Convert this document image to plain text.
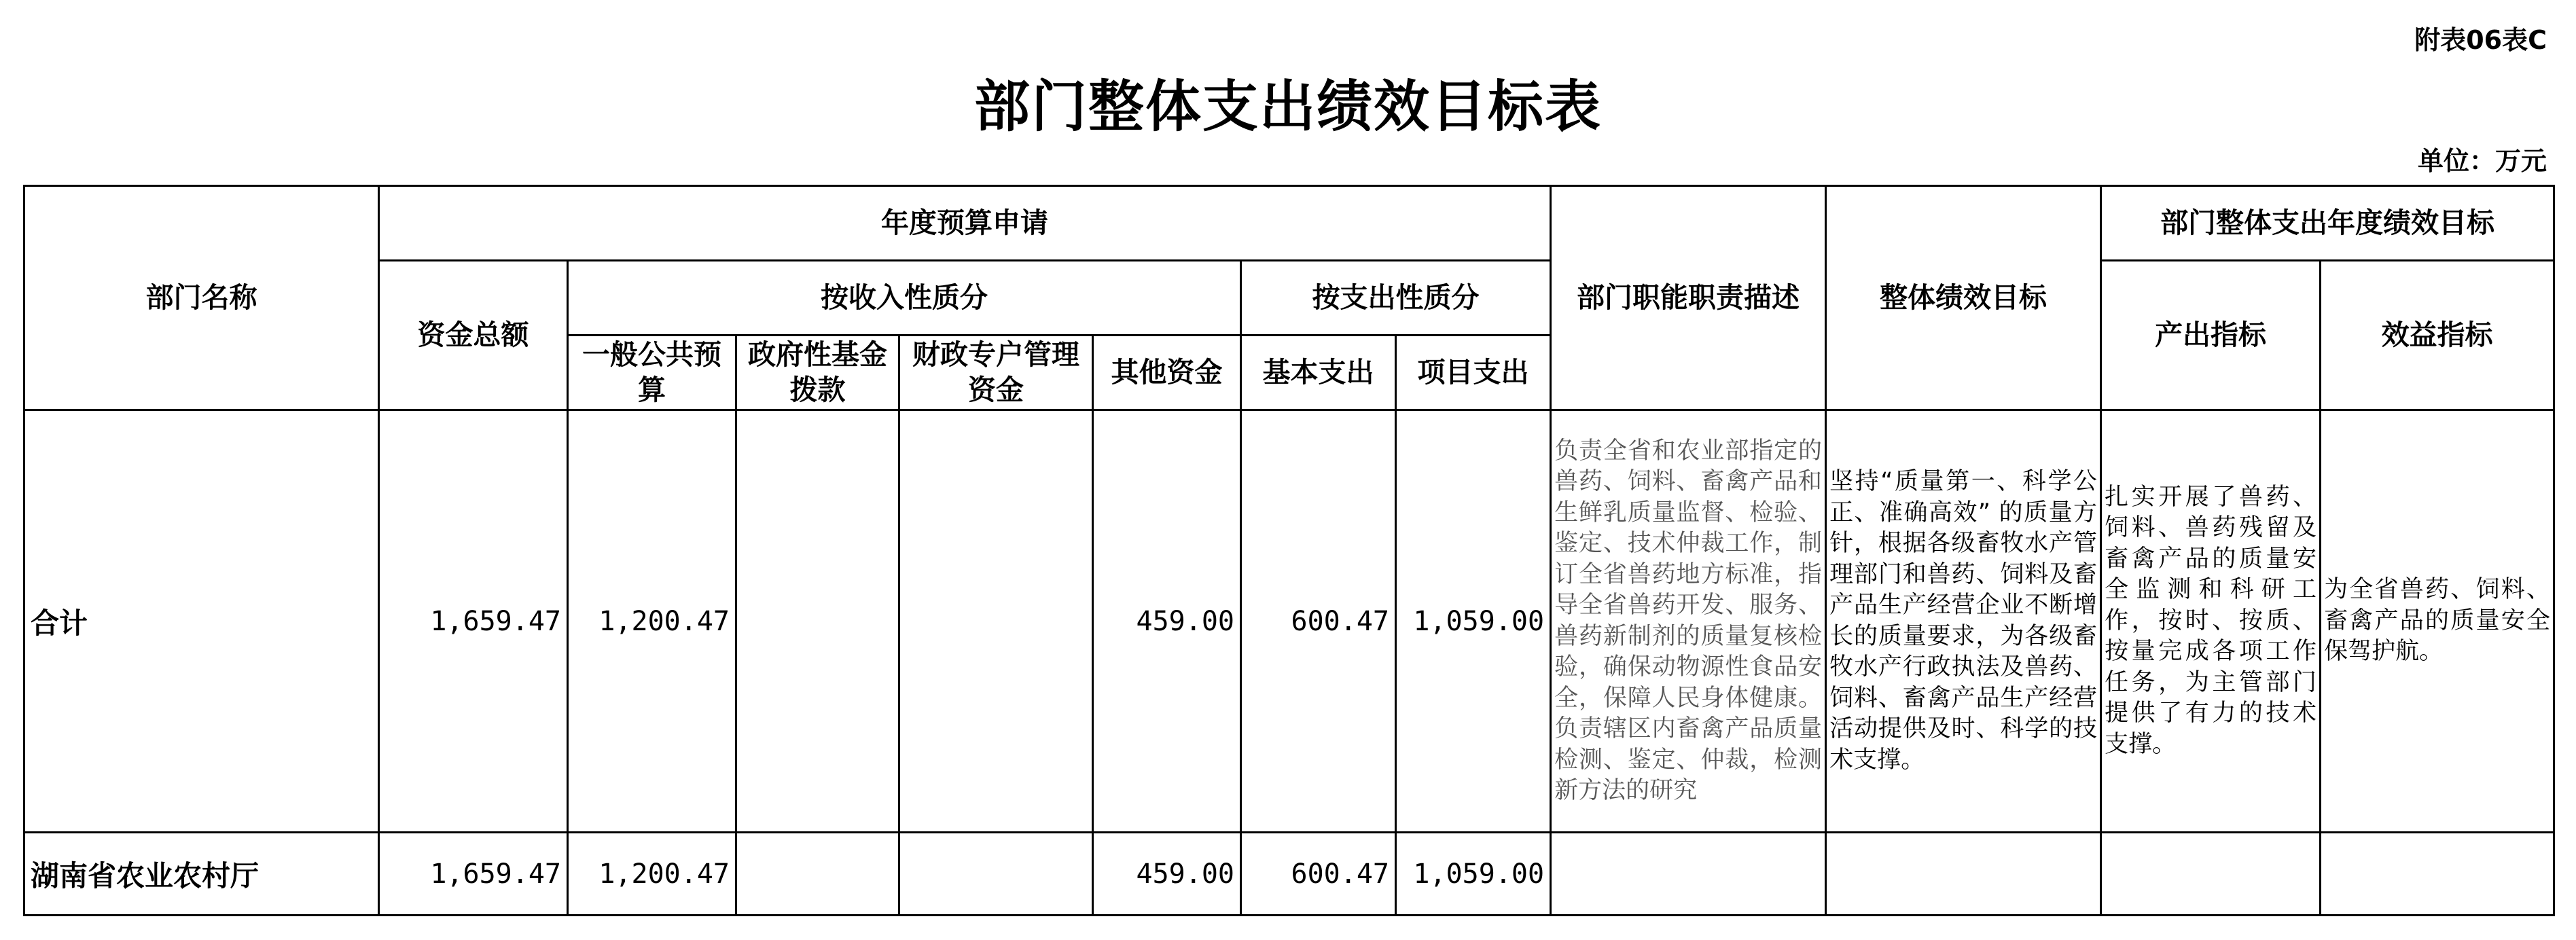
附表06表C
部门整体支出绩效目标表
单位：万元
部门名称	年度预算申请							部门职能职责描述	整体绩效目标	部门整体支出年度绩效目标	
	资金总额	按收入性质分				按支出性质分				产出指标	效益指标
		一般公共预算	政府性基金拨款	财政专户管理资金	其他资金	基本支出	项目支出				
合计	1,659.47	1,200.47			459.00	600.47	1,059.00	负责全省和农业部指定的兽药、饲料、畜禽产品和生鲜乳质量监督、检验、鉴定、技术仲裁工作，制订全省兽药地方标准，指导全省兽药开发、服务、兽药新制剂的质量复核检验，确保动物源性食品安全，保障人民身体健康。负责辖区内畜禽产品质量检测、鉴定、仲裁，检测新方法的研究	坚持“质量第一、科学公正、准确高效” 的质量方针，根据各级畜牧水产管理部门和兽药、饲料及畜产品生产经营企业不断增长的质量要求，为各级畜牧水产行政执法及兽药、饲料、畜禽产品生产经营活动提供及时、科学的技术支撑。	扎实开展了兽药、饲料、兽药残留及畜禽产品的质量安全监测和科研工作，按时、按质、按量完成各项工作任务，为主管部门提供了有力的技术支撑。	为全省兽药、饲料、畜禽产品的质量安全保驾护航。
湖南省农业农村厅	1,659.47	1,200.47			459.00	600.47	1,059.00				
